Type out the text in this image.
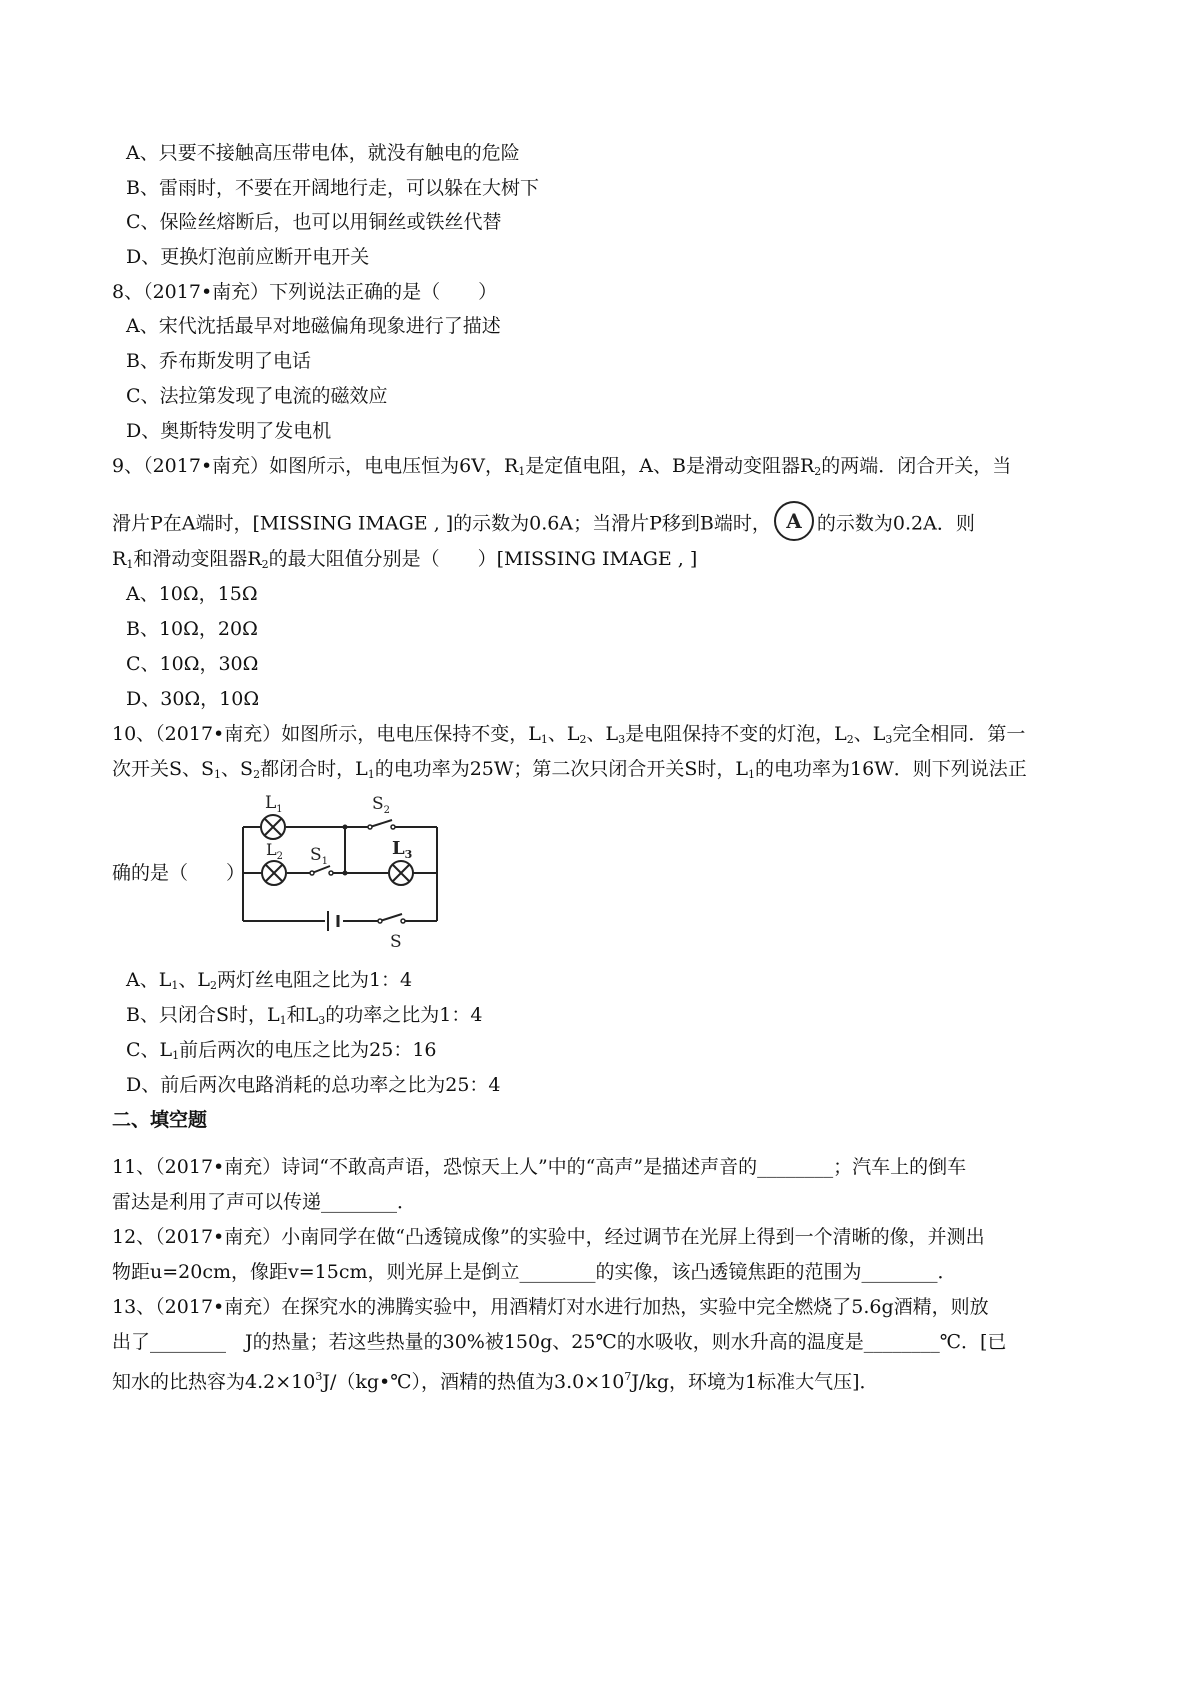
A、只要不接触高压带电体，就没有触电的危险
B、雷雨时，不要在开阔地行走，可以躲在大树下
C、保险丝熔断后，也可以用铜丝或铁丝代替
D、更换灯泡前应断开电开关
8、（2017•南充）下列说法正确的是（　　）
A、宋代沈括最早对地磁偏角现象进行了描述
B、乔布斯发明了电话
C、法拉第发现了电流的磁效应
D、奥斯特发明了发电机
9、（2017•南充）如图所示，电电压恒为6V，$R_1$是定值电阻，A、B是滑动变阻器$R_2$的两端．闭合开关，当
滑片P在A端时，[MISSING IMAGE , ]的示数为0.6A；当滑片P移到B端时， A 的示数为0.2A．则
$R_1$和滑动变阻器$R_2$的最大阻值分别是（　　）[MISSING IMAGE , ]
A、10Ω，15Ω
B、10Ω，20Ω
C、10Ω，30Ω
D、30Ω，10Ω
10、（2017•南充）如图所示，电电压保持不变，$L_1$、$L_2$、$L_3$是电阻保持不变的灯泡，$L_2$、$L_3$完全相同．第一
次开关S、$S_1$、$S_2$都闭合时，$L_1$的电功率为25W；第二次只闭合开关S时，$L_1$的电功率为16W．则下列说法正
确的是（　　）
$L_1$
$L_2$	$L_3$
$S_1$
$S_2$
S
A、$L_1$、$L_2$两灯丝电阻之比为1：4
B、只闭合S时，$L_1$和$L_3$的功率之比为1：4
C、$L_1$前后两次的电压之比为25：16
D、前后两次电路消耗的总功率之比为25：4
二、填空题
11、（2017•南充）诗词“不敢高声语，恐惊天上人”中的“高声”是描述声音的________；汽车上的倒车
雷达是利用了声可以传递________．
12、（2017•南充）小南同学在做“凸透镜成像”的实验中，经过调节在光屏上得到一个清晰的像，并测出
物距u=20cm，像距v=15cm，则光屏上是倒立________的实像，该凸透镜焦距的范围为________．
13、（2017•南充）在探究水的沸腾实验中，用酒精灯对水进行加热，实验中完全燃烧了5.6g酒精，则放
出了________　J的热量；若这些热量的30%被150g、25℃的水吸收，则水升高的温度是________℃．[已
知水的比热容为$4.2\times 10^3J/(kg•℃)$，酒精的热值为$3.0\times 10^7J/kg$，环境为1标准大气压]．
